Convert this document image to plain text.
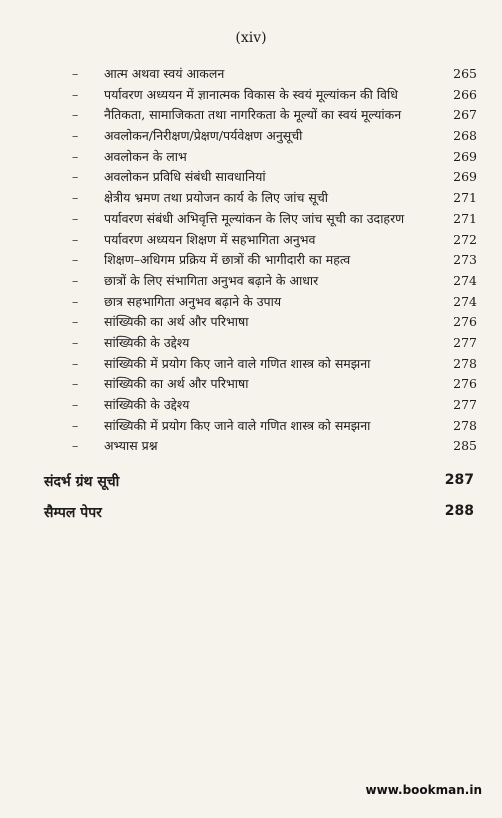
(xiv)
–	आत्म अथवा स्वयं आकलन	265
–	पर्यावरण अध्ययन में ज्ञानात्मक विकास के स्वयं मूल्यांकन की विधि	266
–	नैतिकता, सामाजिकता तथा नागरिकता के मूल्यों का स्वयं मूल्यांकन	267
–	अवलोकन/निरीक्षण/प्रेक्षण/पर्यवेक्षण अनुसूची	268
–	अवलोकन के लाभ	269
–	अवलोकन प्रविधि संबंधी सावधानियां	269
–	क्षेत्रीय भ्रमण तथा प्रयोजन कार्य के लिए जांच सूची	271
–	पर्यावरण संबंधी अभिवृत्ति मूल्यांकन के लिए जांच सूची का उदाहरण	271
–	पर्यावरण अध्ययन शिक्षण में सहभागिता अनुभव	272
–	शिक्षण–अधिगम प्रक्रिय में छात्रों की भागीदारी का महत्व	273
–	छात्रों के लिए संभागिता अनुभव बढ़ाने के आधार	274
–	छात्र सहभागिता अनुभव बढ़ाने के उपाय	274
–	सांख्यिकी का अर्थ और परिभाषा	276
–	सांख्यिकी के उद्देश्य	277
–	सांख्यिकी में प्रयोग किए जाने वाले गणित शास्त्र को समझना	278
–	सांख्यिकी का अर्थ और परिभाषा	276
–	सांख्यिकी के उद्देश्य	277
–	सांख्यिकी में प्रयोग किए जाने वाले गणित शास्त्र को समझना	278
–	अभ्यास प्रश्न	285
संदर्भ ग्रंथ सूची	287
सैम्पल पेपर	288
www.bookman.in
